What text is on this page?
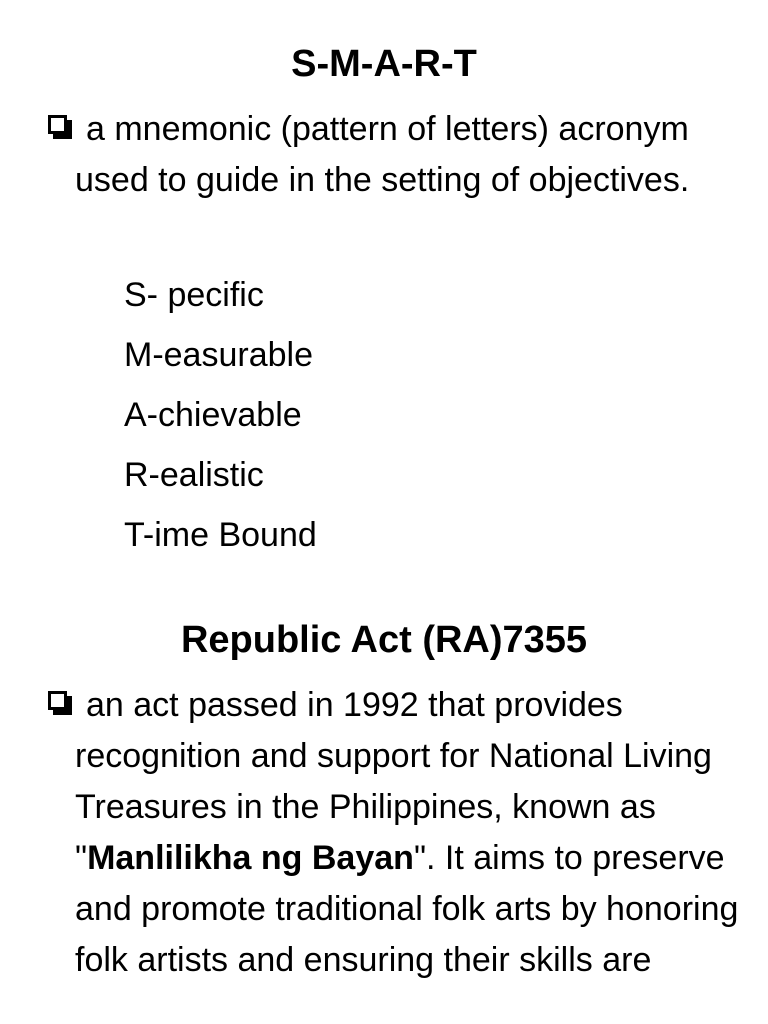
S-M-A-R-T

a mnemonic (pattern of letters) acronym used to guide in the setting of objectives.

S- pecific
M-easurable
A-chievable
R-ealistic
T-ime Bound
Republic Act (RA)7355

an act passed in 1992 that provides recognition and support for National Living Treasures in the Philippines, known as "Manlilikha ng Bayan". It aims to preserve and promote traditional folk arts by honoring folk artists and ensuring their skills are
